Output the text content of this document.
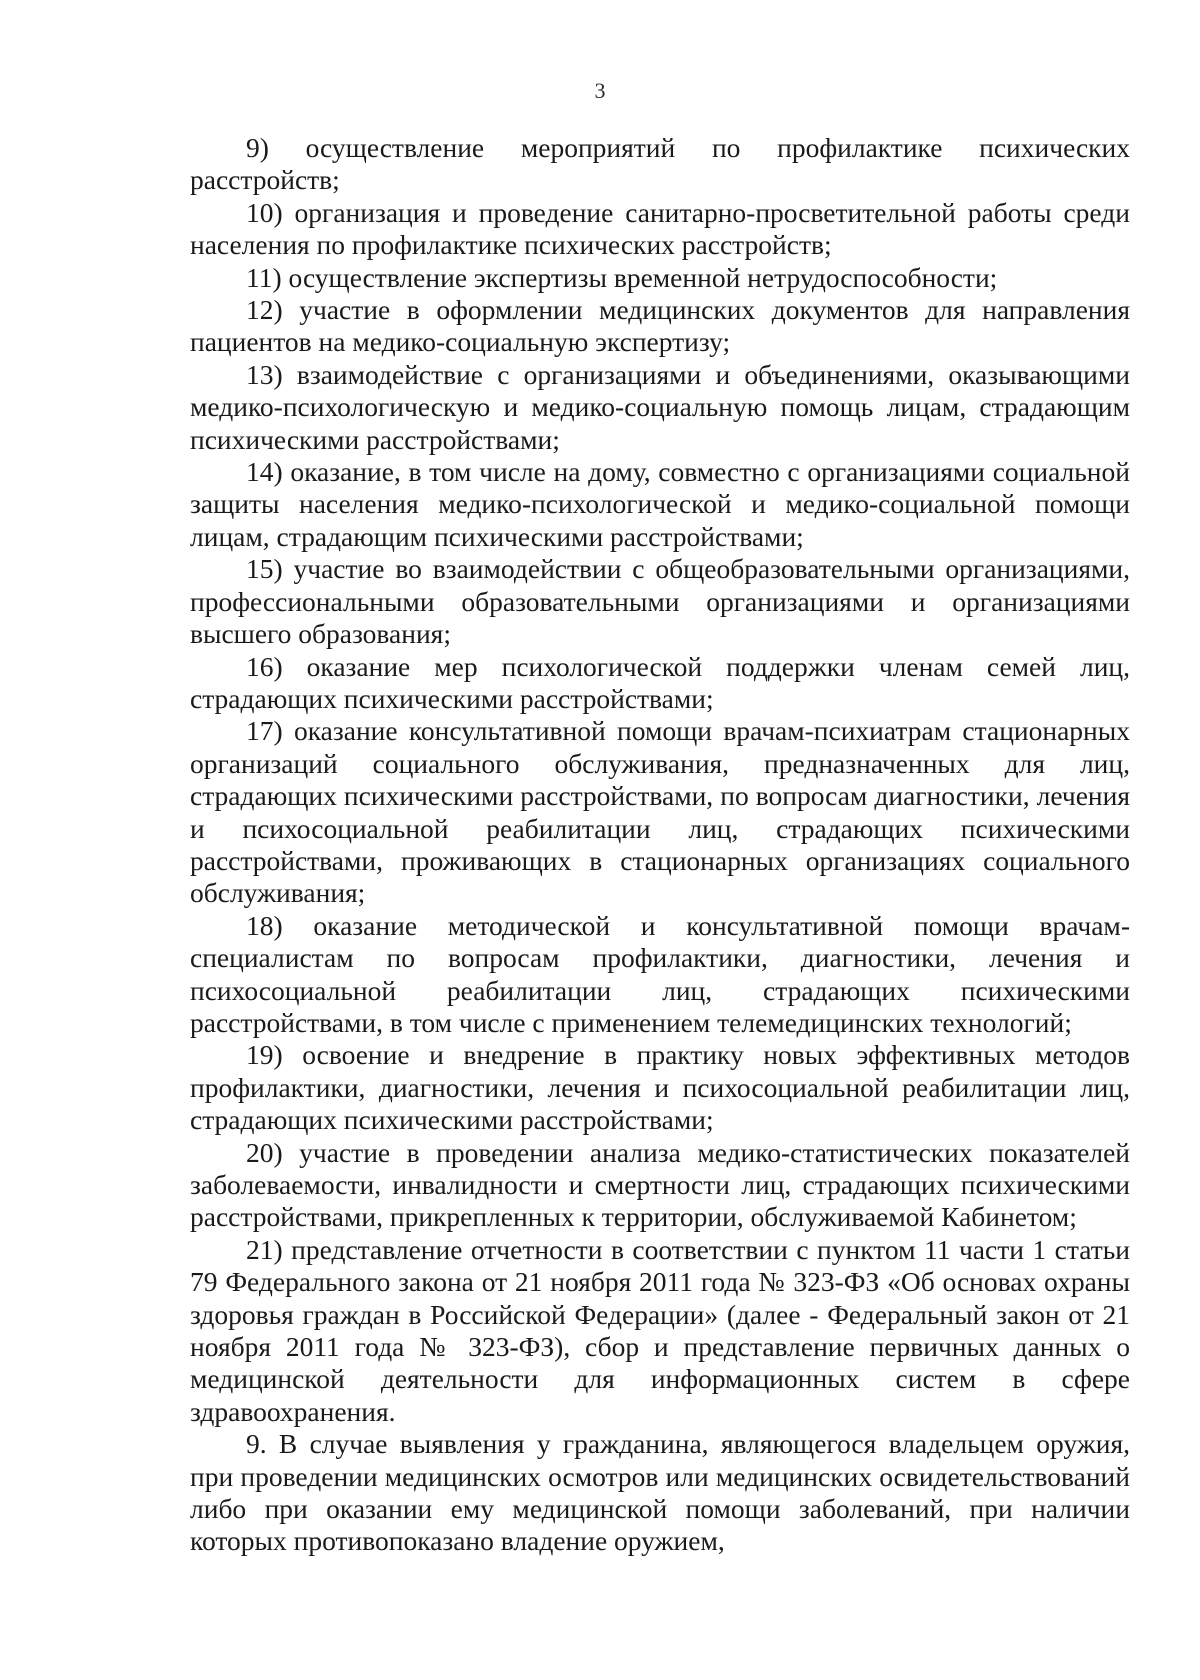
3

9) осуществление мероприятий по профилактике психических расстройств;

10) организация и проведение санитарно-просветительной работы среди населения по профилактике психических расстройств;

11) осуществление экспертизы временной нетрудоспособности;

12) участие в оформлении медицинских документов для направления пациентов на медико-социальную экспертизу;

13) взаимодействие с организациями и объединениями, оказывающими медико-психологическую и медико-социальную помощь лицам, страдающим психическими расстройствами;

14) оказание, в том числе на дому, совместно с организациями социальной защиты населения медико-психологической и медико-социальной помощи лицам, страдающим психическими расстройствами;

15) участие во взаимодействии с общеобразовательными организациями, профессиональными образовательными организациями и организациями высшего образования;

16) оказание мер психологической поддержки членам семей лиц, страдающих психическими расстройствами;

17) оказание консультативной помощи врачам-психиатрам стационарных организаций социального обслуживания, предназначенных для лиц, страдающих психическими расстройствами, по вопросам диагностики, лечения и психосоциальной реабилитации лиц, страдающих психическими расстройствами, проживающих в стационарных организациях социального обслуживания;

18) оказание методической и консультативной помощи врачам-специалистам по вопросам профилактики, диагностики, лечения и психосоциальной реабилитации лиц, страдающих психическими расстройствами, в том числе с применением телемедицинских технологий;

19) освоение и внедрение в практику новых эффективных методов профилактики, диагностики, лечения и психосоциальной реабилитации лиц, страдающих психическими расстройствами;

20) участие в проведении анализа медико-статистических показателей заболеваемости, инвалидности и смертности лиц, страдающих психическими расстройствами, прикрепленных к территории, обслуживаемой Кабинетом;

21) представление отчетности в соответствии с пунктом 11 части 1 статьи 79 Федерального закона от 21 ноября 2011 года № 323-ФЗ «Об основах охраны здоровья граждан в Российской Федерации» (далее - Федеральный закон от 21 ноября 2011 года № 323-ФЗ), сбор и представление первичных данных о медицинской деятельности для информационных систем в сфере здравоохранения.

9. В случае выявления у гражданина, являющегося владельцем оружия, при проведении медицинских осмотров или медицинских освидетельствований либо при оказании ему медицинской помощи заболеваний, при наличии которых противопоказано владение оружием,
